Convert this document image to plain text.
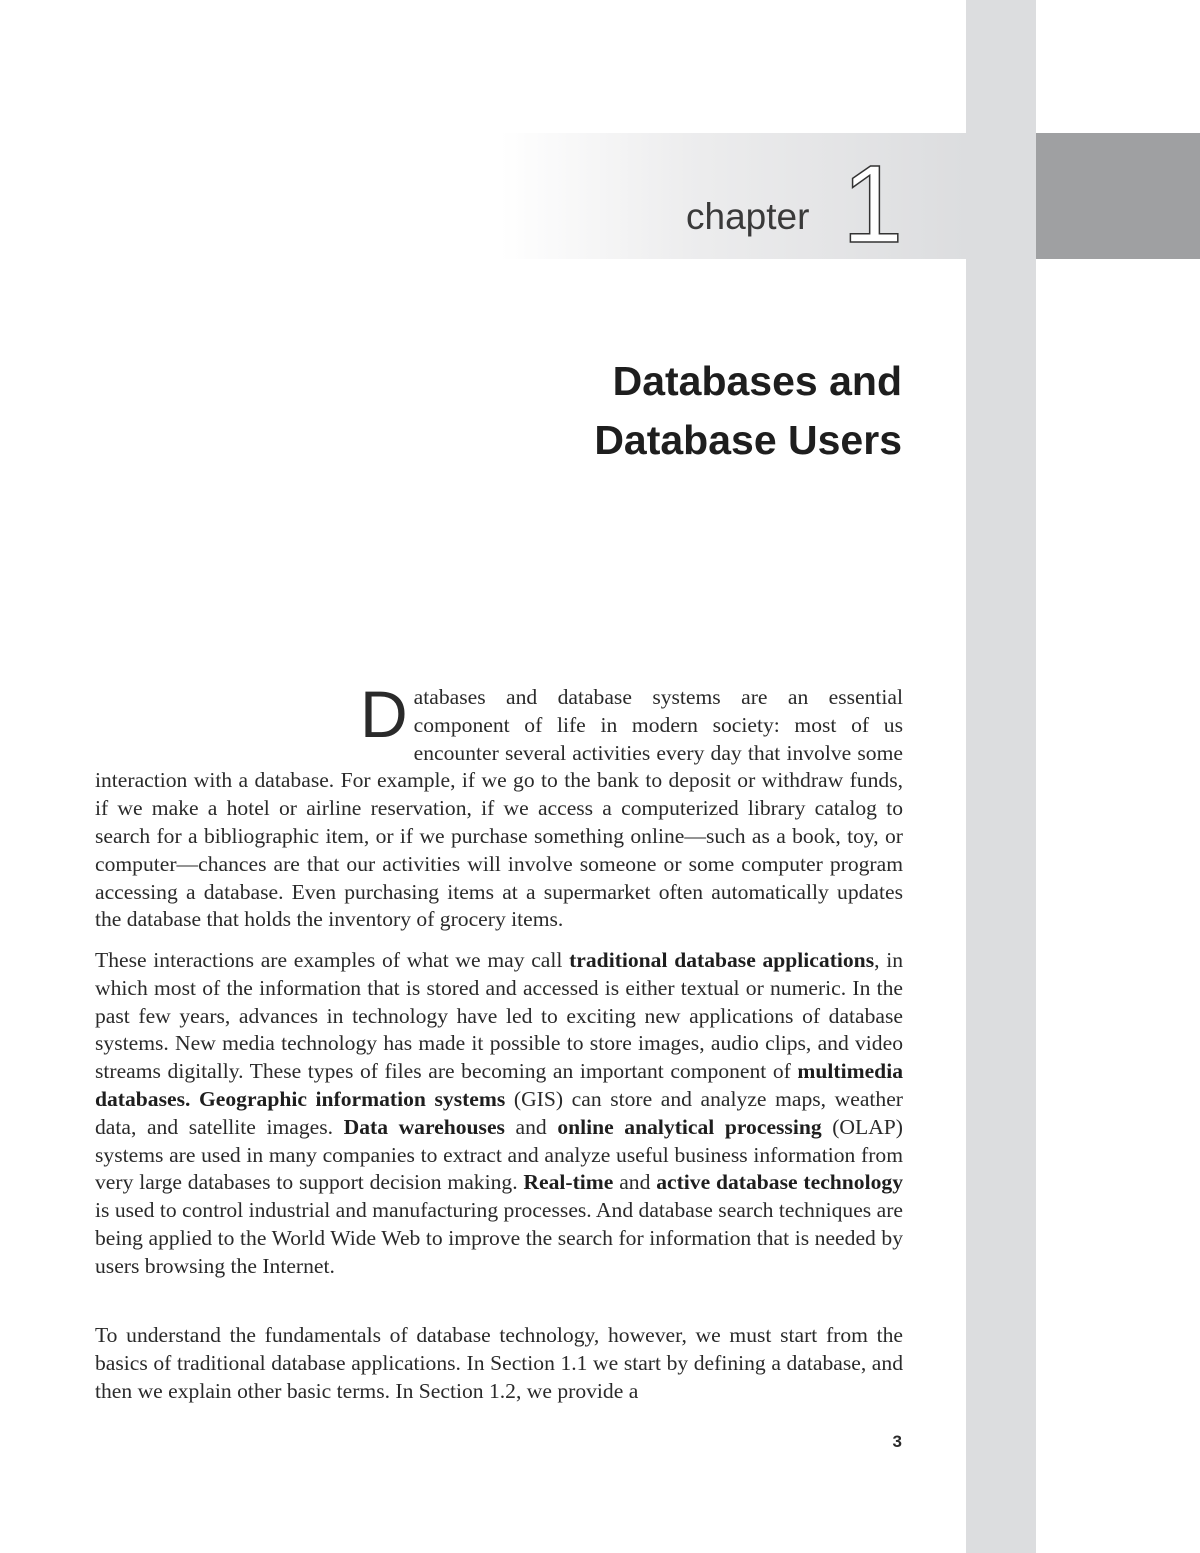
chapter 1
Databases and
Database Users

D atabases and database systems are an essential component of life in modern society: most of us encounter several activities every day that involve some interaction with a database. For example, if we go to the bank to deposit or withdraw funds, if we make a hotel or airline reservation, if we access a computerized library catalog to search for a bibliographic item, or if we purchase something online—such as a book, toy, or computer—chances are that our activities will involve someone or some computer program accessing a database. Even purchasing items at a supermarket often automatically updates the database that holds the inventory of grocery items.

These interactions are examples of what we may call traditional database applications, in which most of the information that is stored and accessed is either textual or numeric. In the past few years, advances in technology have led to exciting new applications of database systems. New media technology has made it possible to store images, audio clips, and video streams digitally. These types of files are becoming an important component of multimedia databases. Geographic information systems (GIS) can store and analyze maps, weather data, and satellite images. Data warehouses and online analytical processing (OLAP) systems are used in many companies to extract and analyze useful business information from very large databases to support decision making. Real-time and active database technology is used to control industrial and manufacturing processes. And database search techniques are being applied to the World Wide Web to improve the search for information that is needed by users browsing the Internet.

To understand the fundamentals of database technology, however, we must start from the basics of traditional database applications. In Section 1.1 we start by defining a database, and then we explain other basic terms. In Section 1.2, we provide a

3
